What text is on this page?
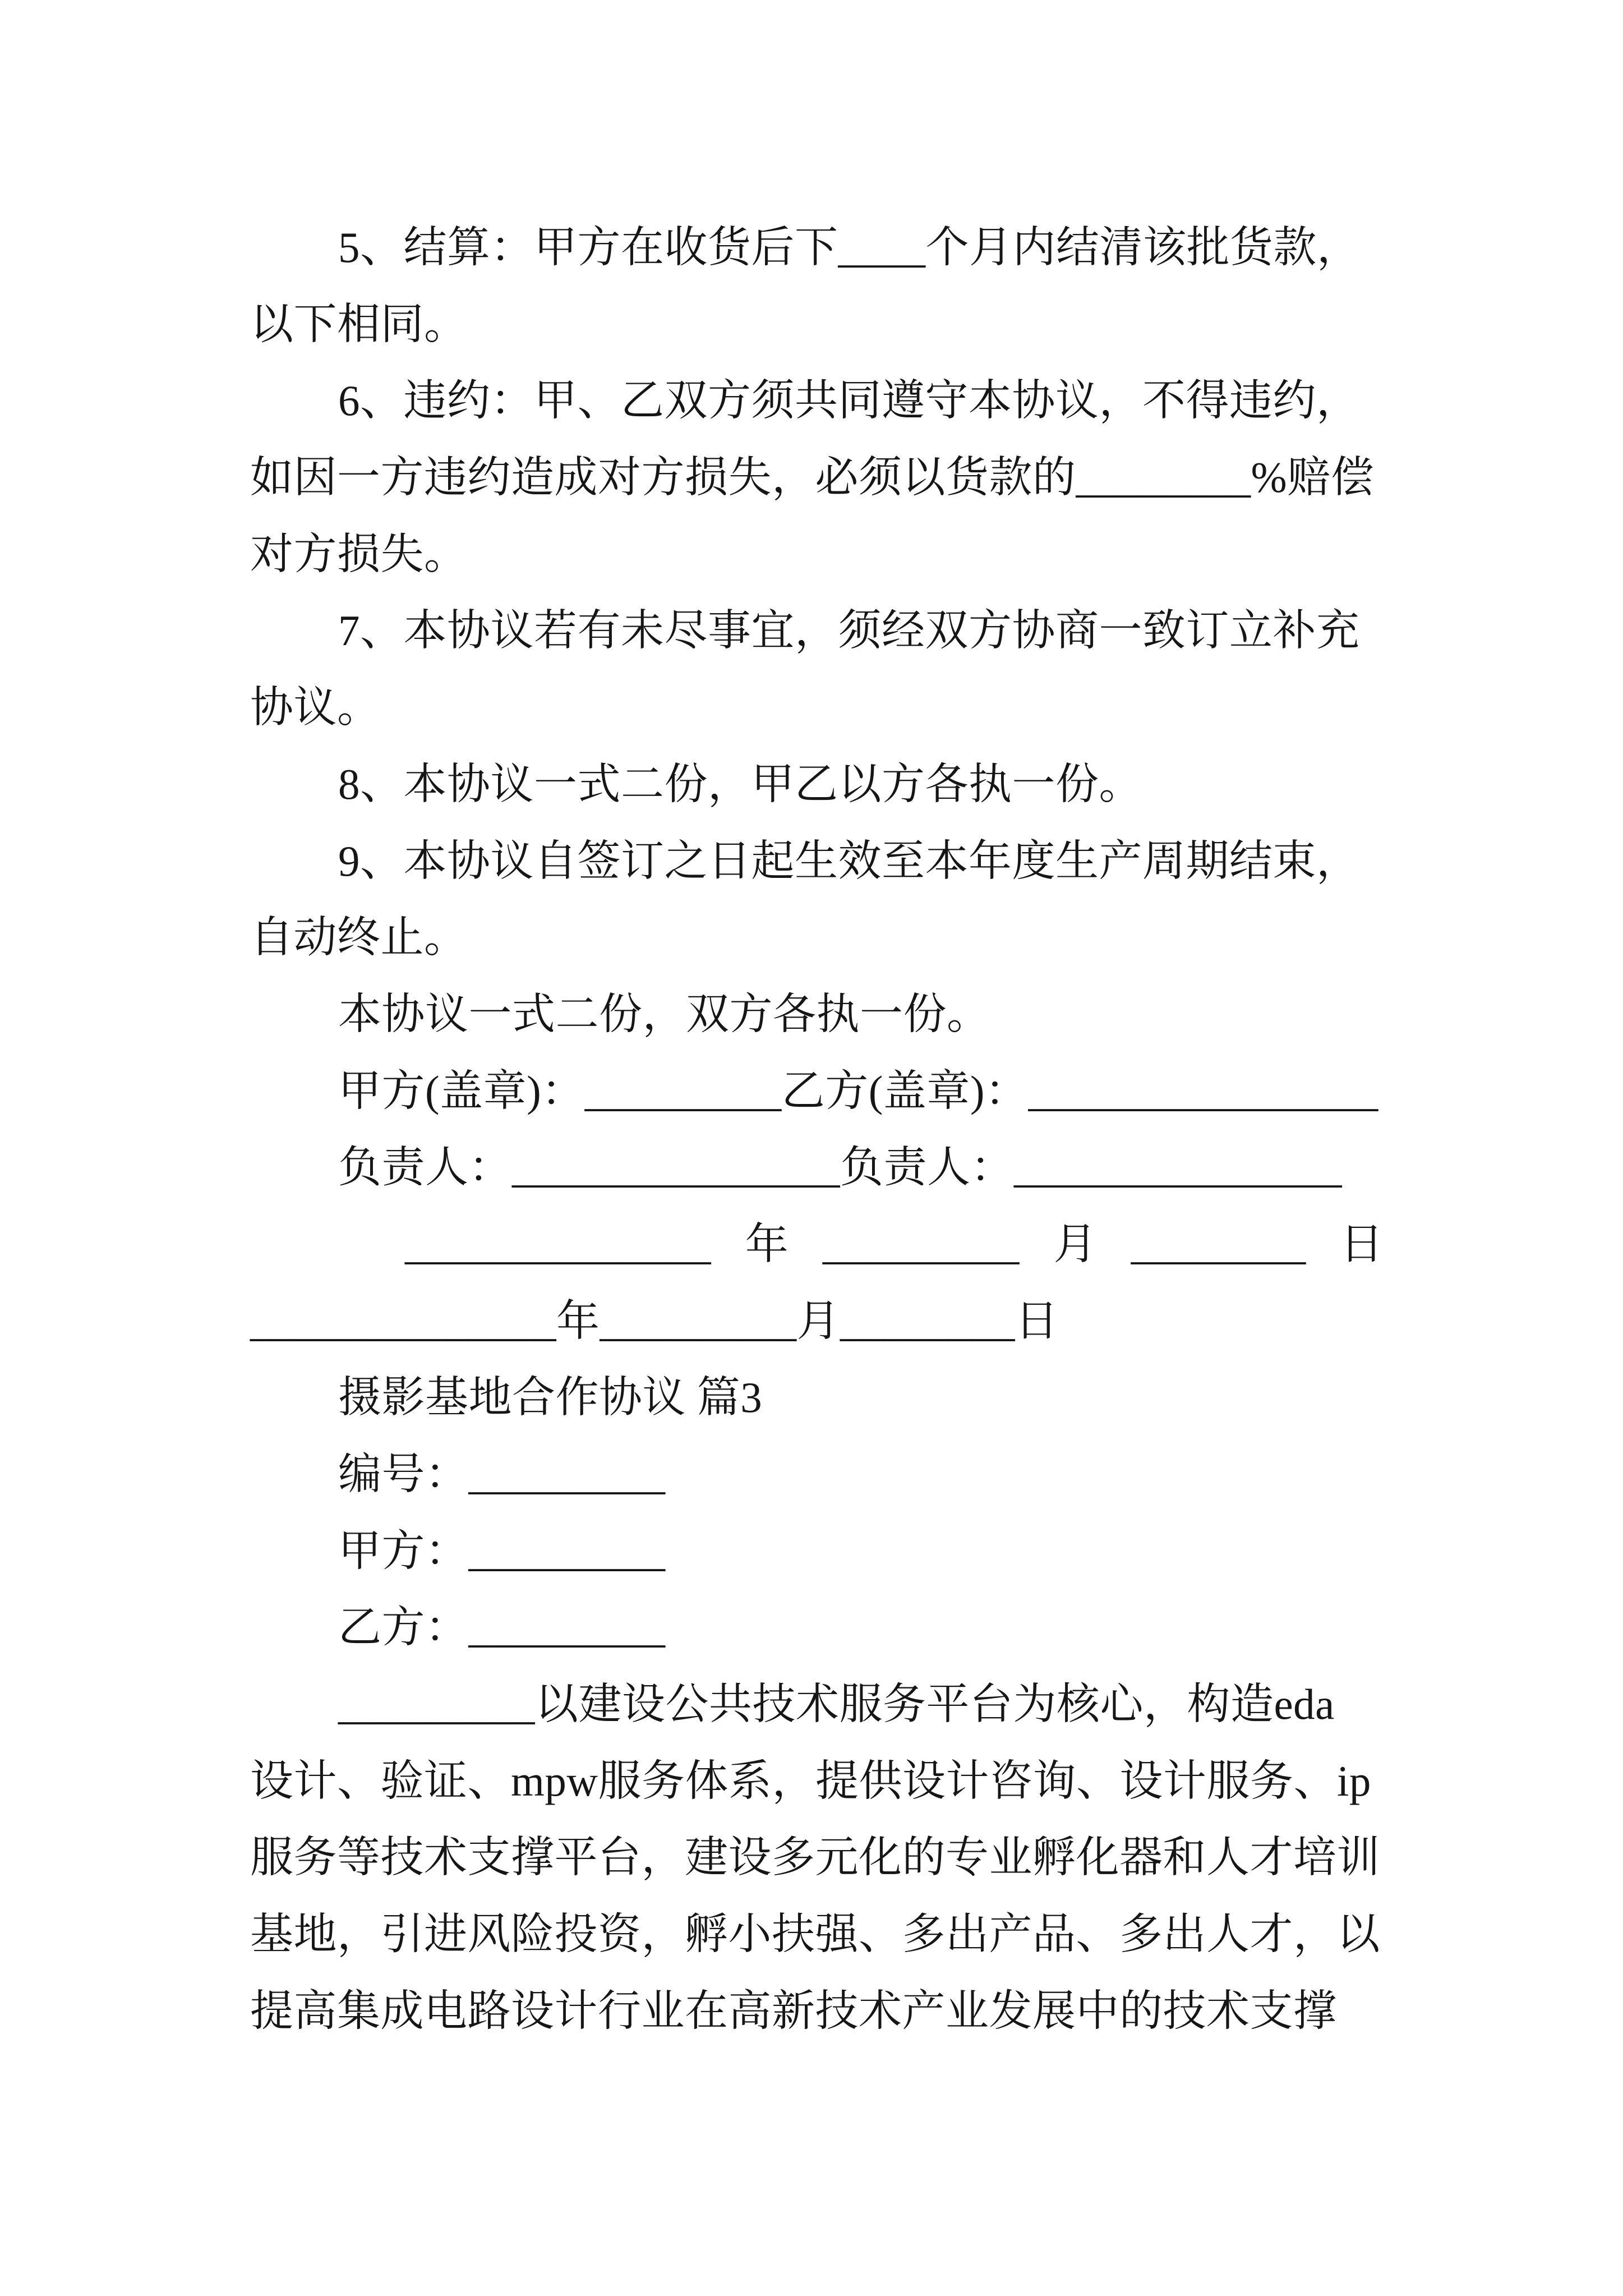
5、结算：甲方在收货后下____个月内结清该批货款，
以下相同。
6、违约：甲、乙双方须共同遵守本协议，不得违约，
如因一方违约造成对方损失，必须以货款的________%赔偿
对方损失。
7、本协议若有未尽事宜，须经双方协商一致订立补充
协议。
8、本协议一式二份，甲乙以方各执一份。
9、本协议自签订之日起生效至本年度生产周期结束，
自动终止。
本协议一式二份，双方各执一份。
甲方(盖章)：_________乙方(盖章)：________________
负责人：_______________负责人：_______________
______________ 年 _________ 月 ________ 日
______________年_________月________日
摄影基地合作协议 篇3
编号：_________
甲方：_________
乙方：_________
_________以建设公共技术服务平台为核心，构造eda
设计、验证、mpw服务体系，提供设计咨询、设计服务、ip
服务等技术支撑平台，建设多元化的专业孵化器和人才培训
基地，引进风险投资，孵小扶强、多出产品、多出人才，以
提高集成电路设计行业在高新技术产业发展中的技术支撑
